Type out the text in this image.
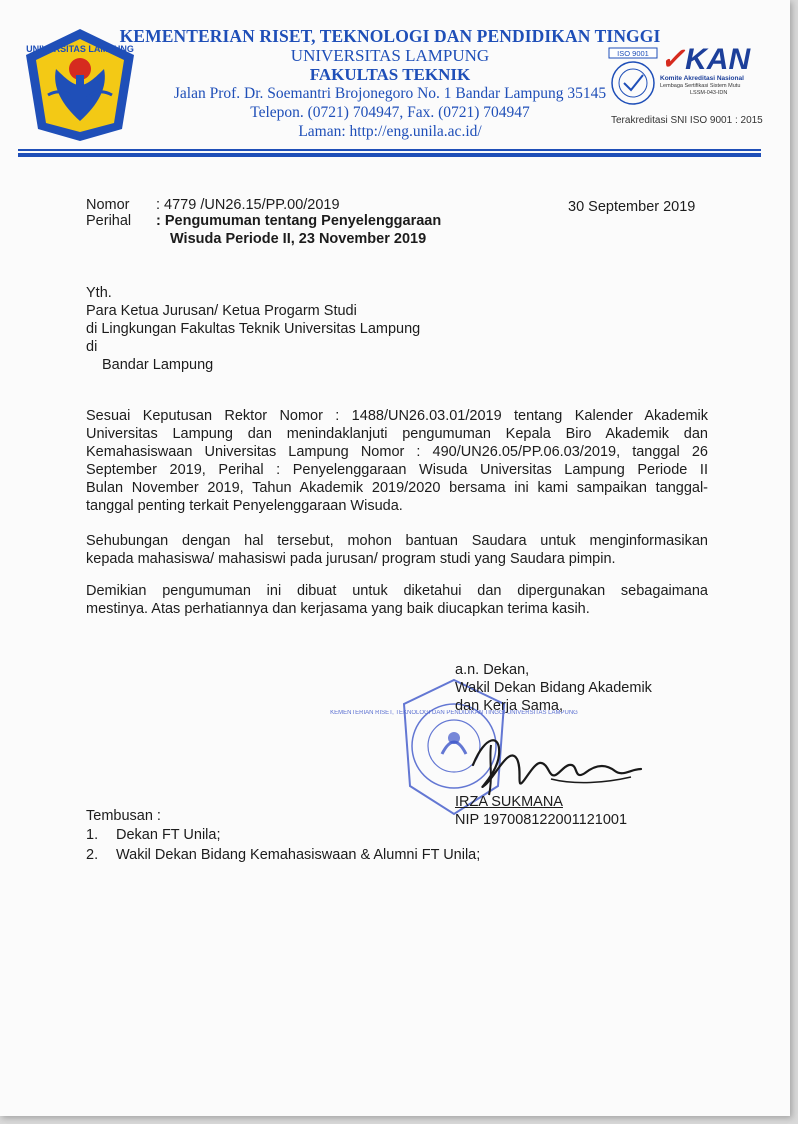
UNIVERSITAS LAMPUNG
KEMENTERIAN RISET, TEKNOLOGI DAN PENDIDIKAN TINGGI
UNIVERSITAS LAMPUNG
FAKULTAS TEKNIK
Jalan Prof. Dr. Soemantri Brojonegoro No. 1 Bandar Lampung 35145
Telepon. (0721) 704947, Fax. (0721) 704947
Laman: http://eng.unila.ac.id/
ISO 9001 ✓KAN
Komite Akreditasi Nasional
Lembaga Sertifikasi Sistem Mutu
LSSM-043-IDN
Terakreditasi SNI ISO 9001 : 2015
Nomor : 4779 /UN26.15/PP.00/2019
Perihal : Pengumuman tentang Penyelenggaraan
Wisuda Periode II, 23 November 2019
30 September 2019
Yth.
Para Ketua Jurusan/ Ketua Progarm Studi
di Lingkungan Fakultas Teknik Universitas Lampung
di
Bandar Lampung
Sesuai Keputusan Rektor Nomor : 1488/UN26.03.01/2019 tentang Kalender Akademik
Universitas Lampung dan menindaklanjuti pengumuman Kepala Biro Akademik dan
Kemahasiswaan Universitas Lampung Nomor : 490/UN26.05/PP.06.03/2019, tanggal 26
September 2019, Perihal : Penyelenggaraan Wisuda Universitas Lampung Periode II
Bulan November 2019, Tahun Akademik 2019/2020 bersama ini kami sampaikan tanggal-
tanggal penting terkait Penyelenggaraan Wisuda.
Sehubungan dengan hal tersebut, mohon bantuan Saudara untuk menginformasikan
kepada mahasiswa/ mahasiswi pada jurusan/ program studi yang Saudara pimpin.
Demikian pengumuman ini dibuat untuk diketahui dan dipergunakan sebagaimana
mestinya. Atas perhatiannya dan kerjasama yang baik diucapkan terima kasih.
KEMENTERIAN RISET, TEKNOLOGI DAN PENDIDIKAN TINGGI UNIVERSITAS LAMPUNG
a.n. Dekan,
Wakil Dekan Bidang Akademik
dan Kerja Sama,
IRZA SUKMANA
NIP 197008122001121001
Tembusan :
1. Dekan FT Unila;
2. Wakil Dekan Bidang Kemahasiswaan & Alumni FT Unila;
